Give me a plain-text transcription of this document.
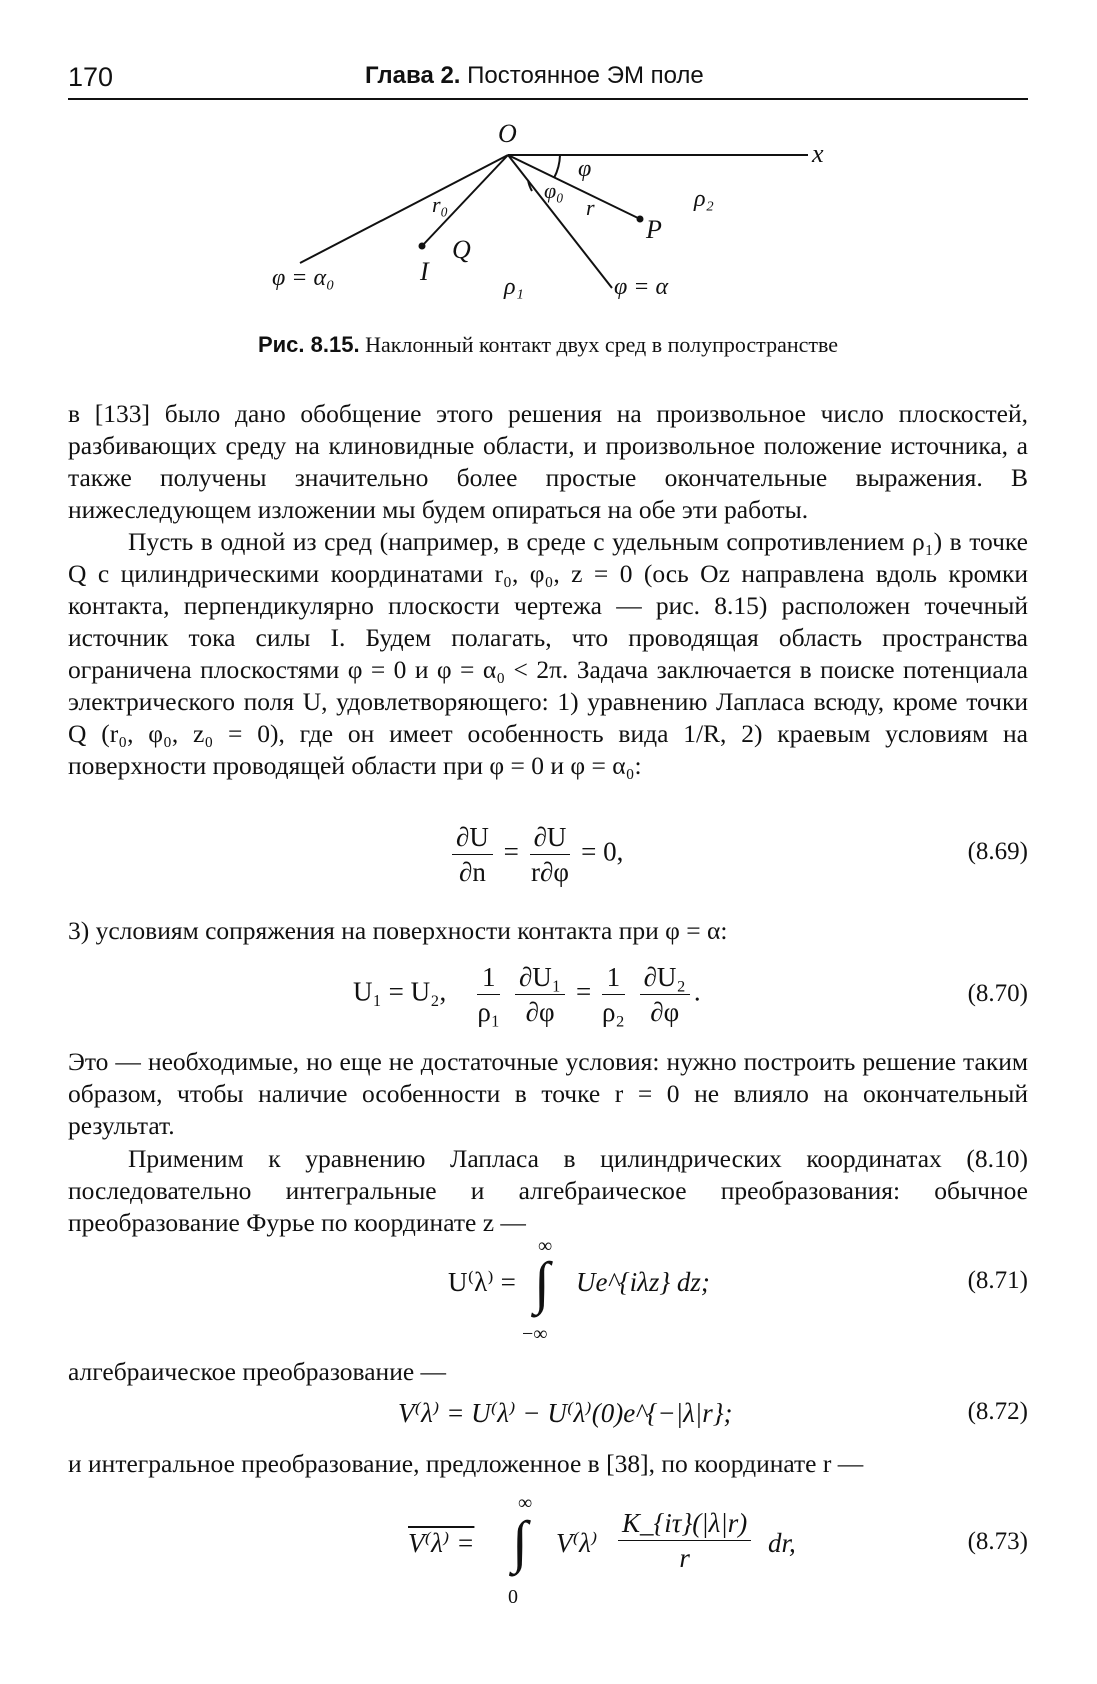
170	Глава 2. Постоянное ЭМ поле
O
x
φ
φ₀
r₀	r
P
Q
I
ρ₁
ρ₂
φ = α₀	φ = α
Рис. 8.15. Наклонный контакт двух сред в полупространстве
в [133] было дано обобщение этого решения на произвольное число плоскостей, разбивающих среду на клиновидные области, и произвольное положение источника, а также получены значительно более простые окончательные выражения. В нижеследующем изложении мы будем опираться на обе эти работы.
Пусть в одной из сред (например, в среде с удельным сопротивлением ρ₁) в точке Q с цилиндрическими координатами r₀, φ₀, z = 0 (ось Oz направлена вдоль кромки контакта, перпендикулярно плоскости чертежа — рис. 8.15) расположен точечный источник тока силы I. Будем полагать, что проводящая область пространства ограничена плоскостями φ = 0 и φ = α₀ < 2π. Задача заключается в поиске потенциала электрического поля U, удовлетворяющего: 1) уравнению Лапласа всюду, кроме точки Q (r₀, φ₀, z₀ = 0), где он имеет особенность вида 1/R, 2) краевым условиям на поверхности проводящей области при φ = 0 и φ = α₀:
$\frac{\partial U}{\partial n} = \frac{\partial U}{r\partial\varphi} = 0$,	(8.69)
3) условиям сопряжения на поверхности контакта при φ = α:
U₁ = U₂, $\frac{1}{\text{ρ₁}}$
$\frac{\text{∂U₁}}{\partial\varphi} = \frac{1}{\text{ρ₂}}$
$\frac{\text{∂U₂}}{\partial\varphi}$ .	(8.70)
Это — необходимые, но еще не достаточные условия: нужно построить решение таким образом, чтобы наличие особенности в точке r = 0 не влияло на окончательный результат.
Применим к уравнению Лапласа в цилиндрических координатах (8.10) последовательно интегральные и алгебраическое преобразования: обычное преобразование Фурье по координате z —
U⁽λ⁾ =
∞
∫
−∞
Ue^{iλz} dz;	(8.71)
алгебраическое преобразование —
V⁽λ⁾ = U⁽λ⁾ − U⁽λ⁾(0)e^{−|λ|r};	(8.72)
и интегральное преобразование, предложенное в [38], по координате r —
V⁽λ⁾ =
∞
∫
0
$V^(\lambda^) \frac{K\_\{i\tau\}(|\lambda|r)}{r}$ dr,	(8.73)
